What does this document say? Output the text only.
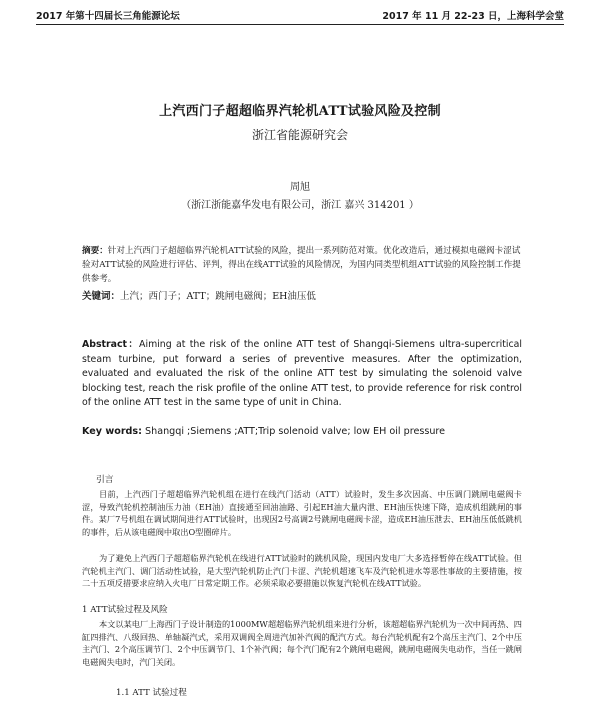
2017 年第十四届长三角能源论坛	2017 年 11 月 22-23 日，上海科学会堂
上汽西门子超超临界汽轮机ATT试验风险及控制
浙江省能源研究会
周旭
（浙江浙能嘉华发电有限公司，浙江 嘉兴 314201 ）
摘要：针对上汽西门子超超临界汽轮机ATT试验的风险，提出一系列防范对策。优化改造后，通过模拟电磁阀卡涩试验对ATT试验的风险进行评估、评判，得出在线ATT试验的风险情况，为国内同类型机组ATT试验的风险控制工作提供参考。
关键词：上汽；西门子；ATT；跳闸电磁阀；EH油压低
Abstract：Aiming at the risk of the online ATT test of Shangqi-Siemens ultra-supercritical steam turbine, put forward a series of preventive measures. After the optimization, evaluated and evaluated the risk of the online ATT test by simulating the solenoid valve blocking test, reach the risk profile of the online ATT test, to provide reference for risk control of the online ATT test in the same type of unit in China.
Key words: Shangqi ;Siemens ;ATT;Trip solenoid valve; low EH oil pressure
引言
目前，上汽西门子超超临界汽轮机组在进行在线汽门活动（ATT）试验时，发生多次因高、中压调门跳闸电磁阀卡涩，导致汽轮机控制油压力油（EH油）直接通至回油油路、引起EH油大量内泄、EH油压快速下降，造成机组跳闸的事件。某厂7号机组在调试期间进行ATT试验时，出现因2号高调2号跳闸电磁阀卡涩，造成EH油压泄去、EH油压低低跳机的事件，后从该电磁阀中取出O型圈碎片。
为了避免上汽西门子超超临界汽轮机在线进行ATT试验时的跳机风险，现国内发电厂大多选择暂停在线ATT试验。但汽轮机主汽门、调门活动性试验，是大型汽轮机防止汽门卡涩、汽轮机超速飞车及汽轮机进水等恶性事故的主要措施，按二十五项反措要求应纳入火电厂日常定期工作。必须采取必要措施以恢复汽轮机在线ATT试验。
1 ATT试验过程及风险
本文以某电厂上海西门子设计制造的1000MW超超临界汽轮机组来进行分析，该超超临界汽轮机为一次中间再热、四缸四排汽、八级回热、单轴凝汽式，采用双调阀全周进汽加补汽阀的配汽方式。每台汽轮机配有2个高压主汽门、2个中压主汽门、2个高压调节门、2个中压调节门、1个补汽阀；每个汽门配有2个跳闸电磁阀，跳闸电磁阀失电动作，当任一跳闸电磁阀失电时，汽门关闭。
1.1 ATT 试验过程
